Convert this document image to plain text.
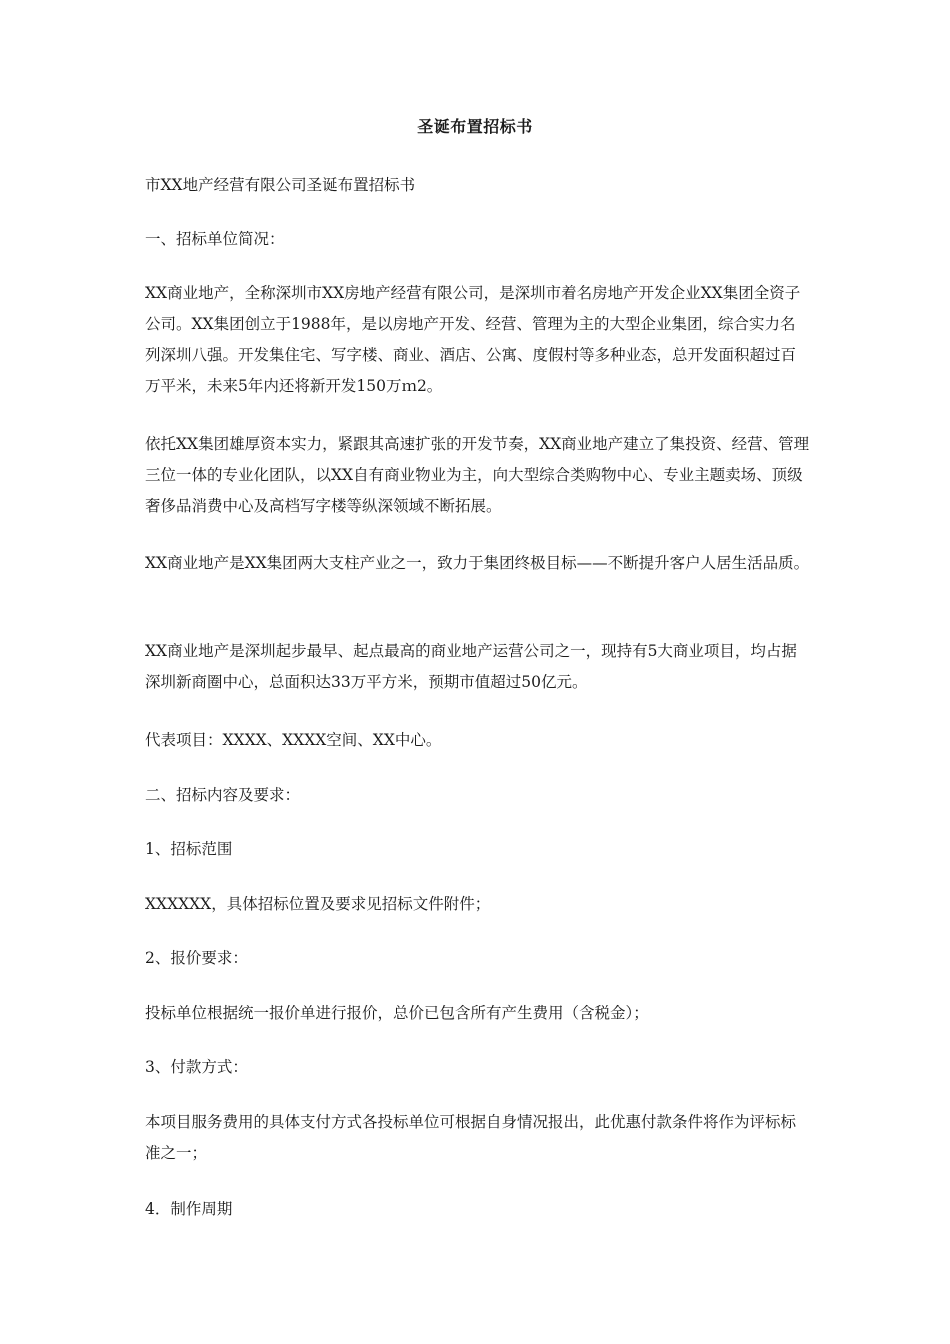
圣诞布置招标书

市XX地产经营有限公司圣诞布置招标书

一、招标单位简况：

XX商业地产，全称深圳市XX房地产经营有限公司，是深圳市着名房地产开发企业XX集团全资子公司。XX集团创立于1988年，是以房地产开发、经营、管理为主的大型企业集团，综合实力名列深圳八强。开发集住宅、写字楼、商业、酒店、公寓、度假村等多种业态，总开发面积超过百万平米，未来5年内还将新开发150万ｍ2。

依托XX集团雄厚资本实力，紧跟其高速扩张的开发节奏，XX商业地产建立了集投资、经营、管理三位一体的专业化团队，以XX自有商业物业为主，向大型综合类购物中心、专业主题卖场、顶级奢侈品消费中心及高档写字楼等纵深领域不断拓展。

XX商业地产是XX集团两大支柱产业之一，致力于集团终极目标——不断提升客户人居生活品质。

XX商业地产是深圳起步最早、起点最高的商业地产运营公司之一，现持有5大商业项目，均占据深圳新商圈中心，总面积达33万平方米，预期市值超过50亿元。

代表项目：XXXX、XXXX空间、XX中心。

二、招标内容及要求：

1、招标范围

XXXXXX，具体招标位置及要求见招标文件附件；

2、报价要求：

投标单位根据统一报价单进行报价，总价已包含所有产生费用（含税金）；

3、付款方式：

本项目服务费用的具体支付方式各投标单位可根据自身情况报出，此优惠付款条件将作为评标标准之一；

4．制作周期
